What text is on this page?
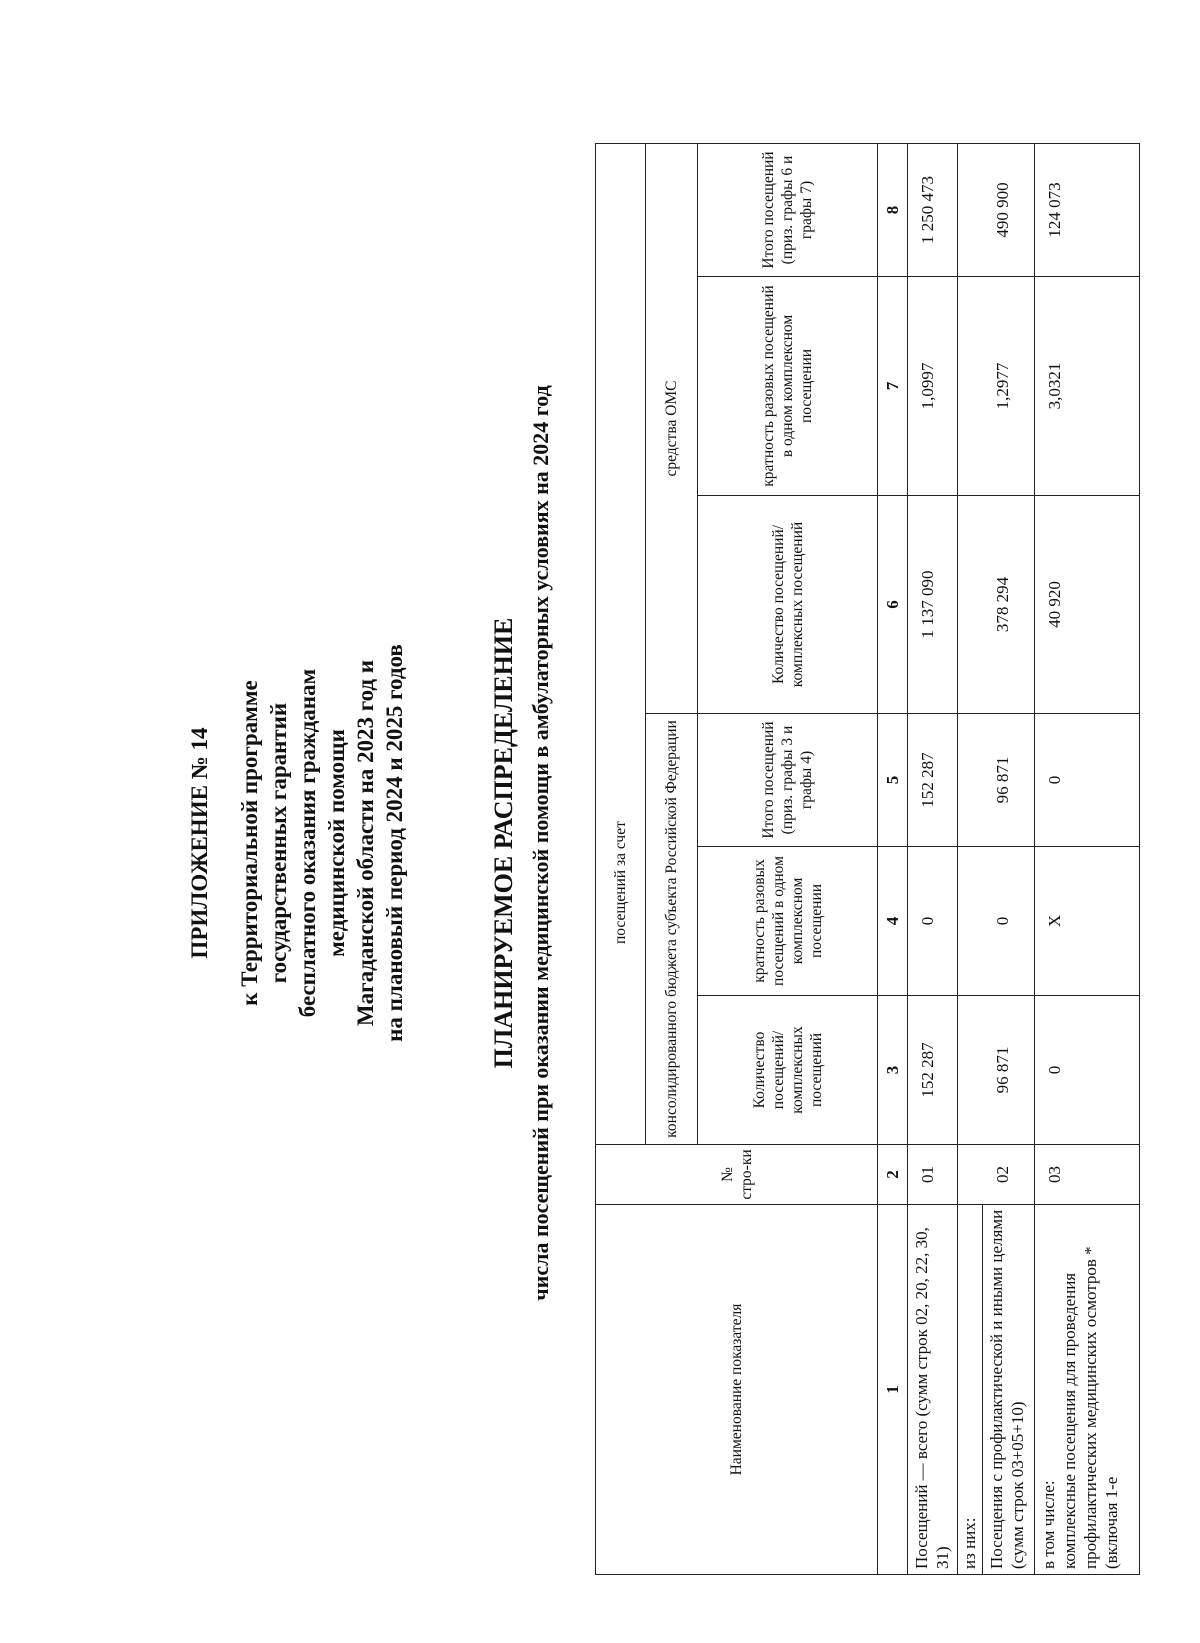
ПРИЛОЖЕНИЕ № 14 к Территориальной программе государственных гарантий бесплатного оказания гражданам медицинской помощи Магаданской области на 2023 год и на плановый период 2024 и 2025 годов	ПЛАНИРУЕМОЕ РАСПРЕДЕЛЕНИЕ числа посещений при оказании медицинской помощи в амбулаторных условиях на 2024 год
Наименование показателя	№ стро-ки	посещений за счет						
		консолидированного бюджета субъекта Российской Федерации			средства ОМС			
		Количество посещений/ комплексных посещений	кратность разовых посещений в одном комплексном посещении	Итого посещений (приз. графы 3 и графы 4)	Количество посещений/ комплексных посещений	кратность разовых посещений в одном комплексном посещении	Итого посещений (приз. графы 6 и графы 7)	
1	2	3	4	5	6	7	8	
Посещений — всего (сумм строк 02, 20, 22, 30, 31)	01	152 287	0	152 287	1 137 090	1,0997	1 250 473	
из них:								
Посещения с профилактической и иными целями (сумм строк 03+05+10)	02	96 871	0	96 871	378 294	1,2977	490 900	

в том числе: комплексные посещения для проведения профилактических медицинских осмотров * (включая 1-е	03	0	X	0	40 920	3,0321	124 073	
